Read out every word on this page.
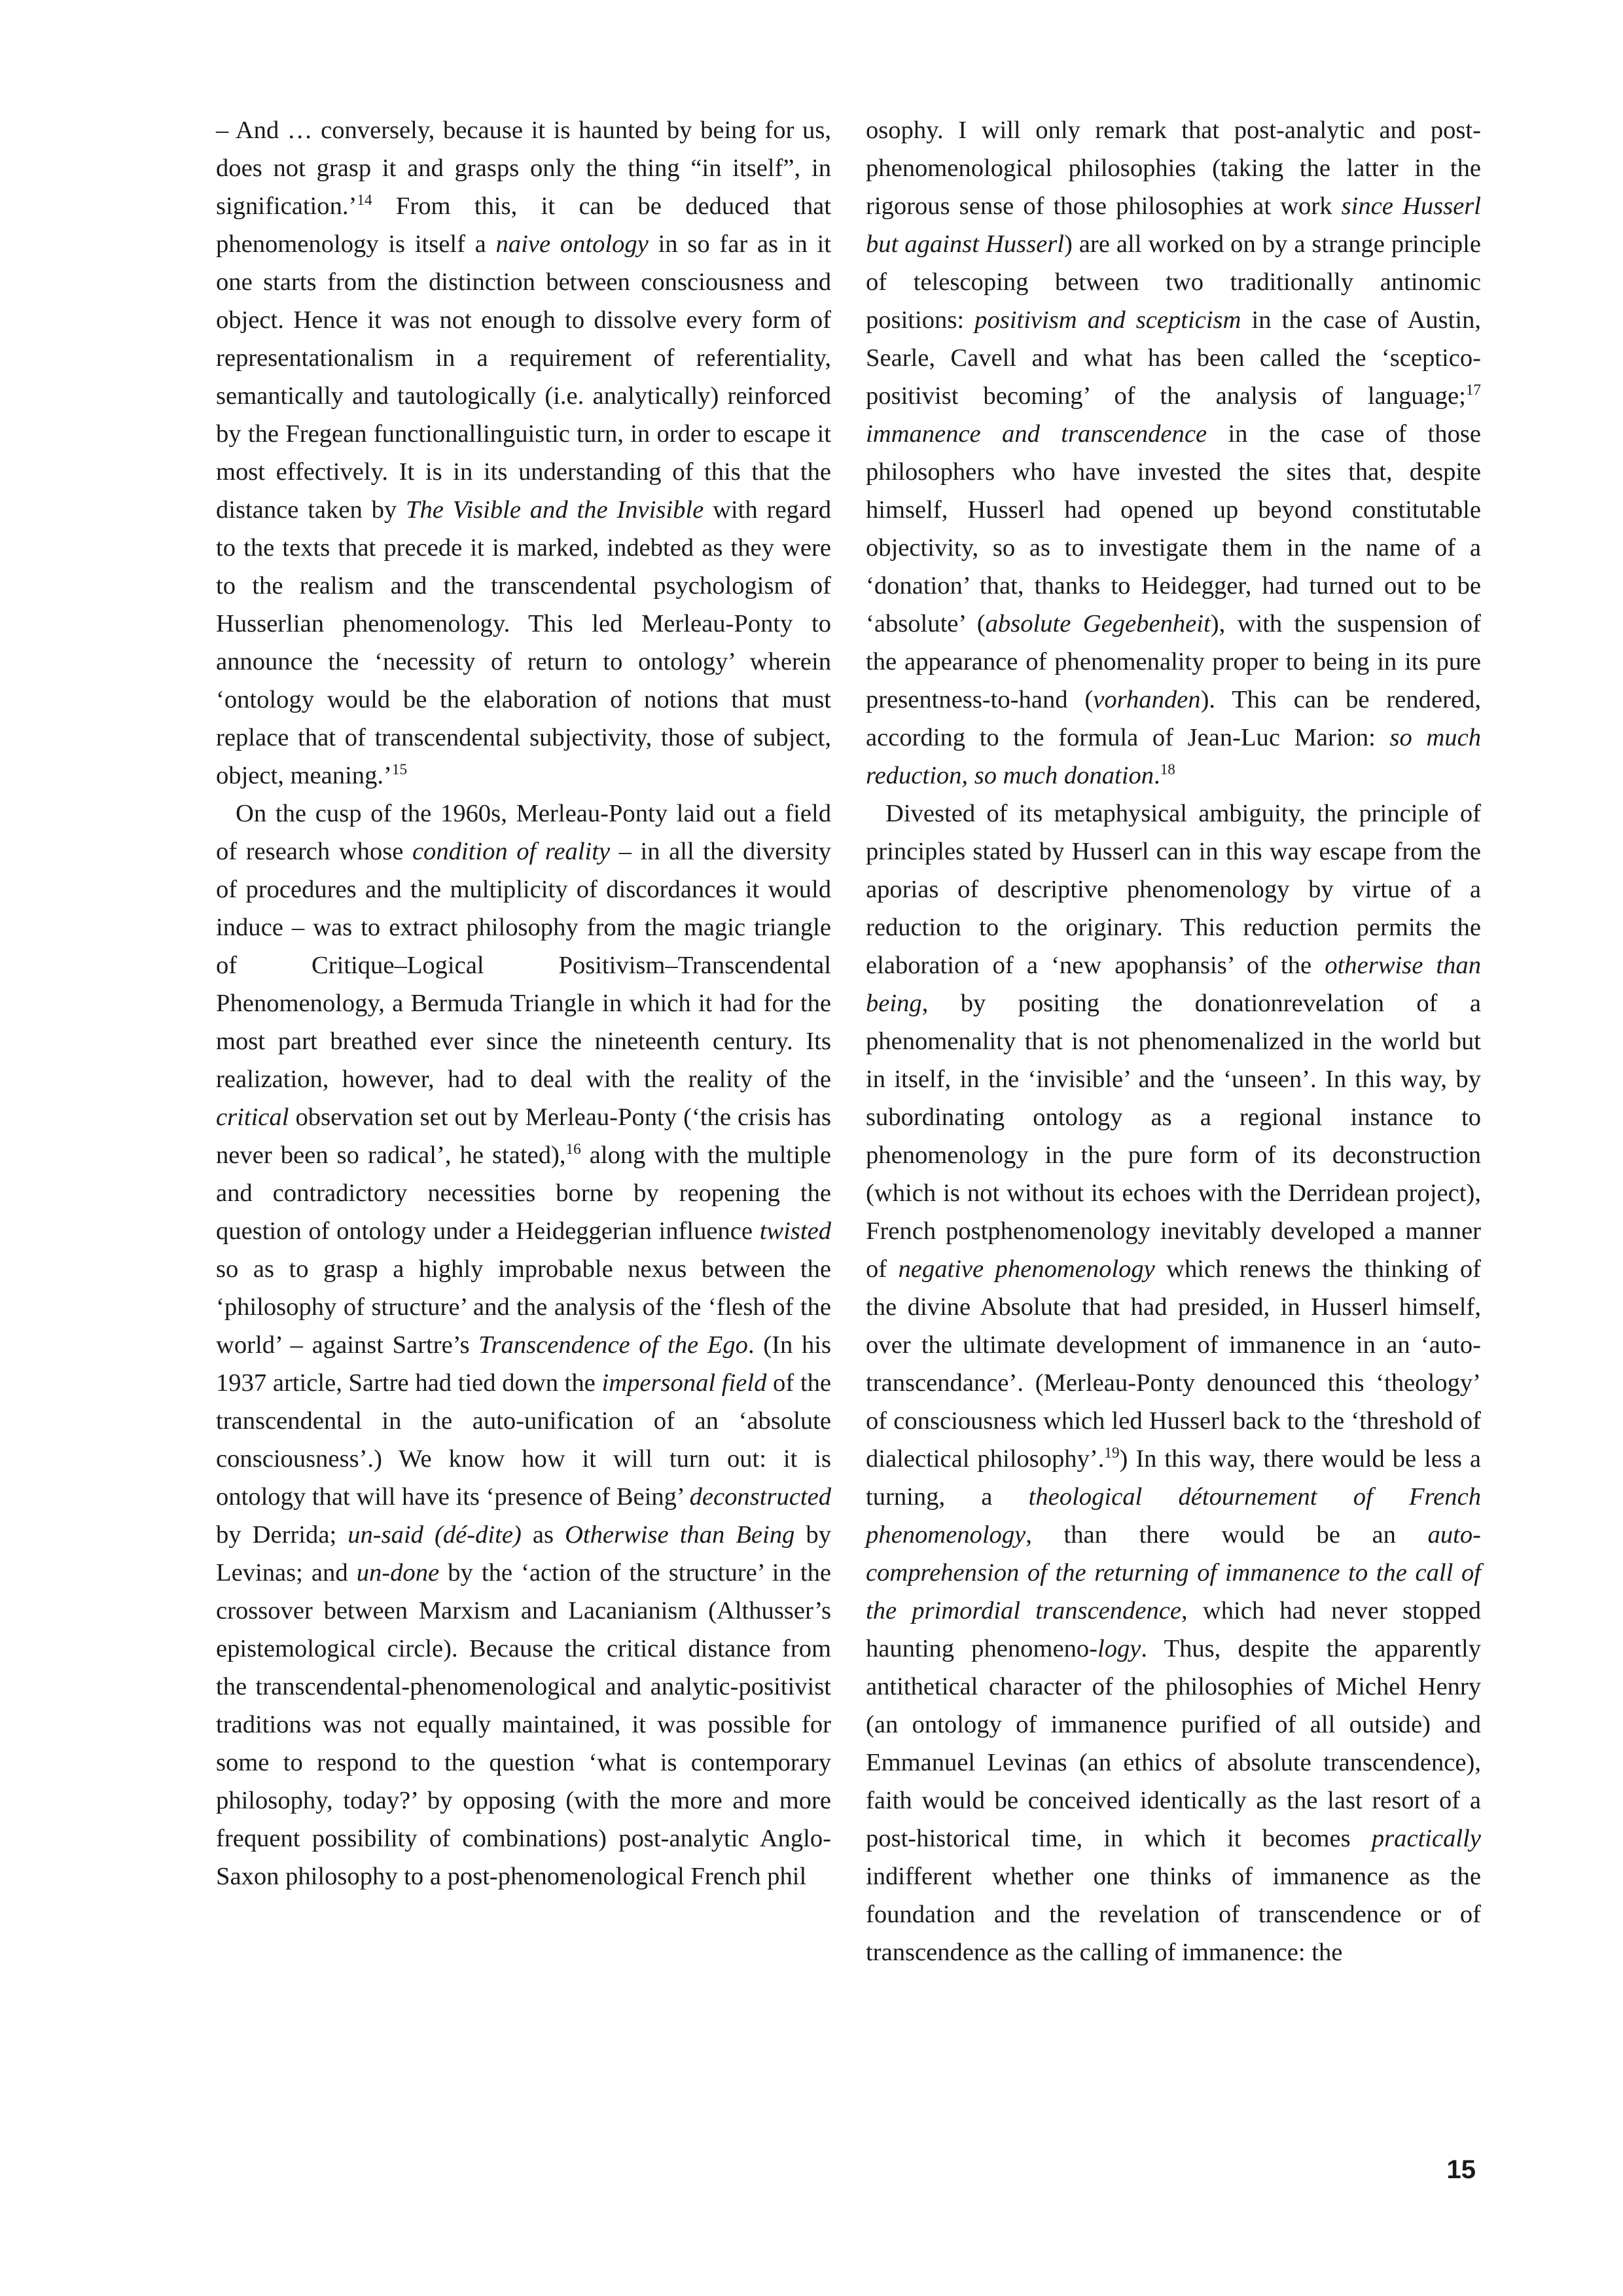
– And … conversely, because it is haunted by being for us, does not grasp it and grasps only the thing “in itself”, in signification.’$^{14}$ From this, it can be deduced that phenomenology is itself a naive ontology in so far as in it one starts from the distinction between consciousness and object. Hence it was not enough to dissolve every form of representationalism in a requirement of referentiality, semantically and tautologically (i.e. analytically) reinforced by the Fregean functionallinguistic turn, in order to escape it most effectively. It is in its understanding of this that the distance taken by The Visible and the Invisible with regard to the texts that precede it is marked, indebted as they were to the realism and the transcendental psychologism of Husserlian phenomenology. This led Merleau-Ponty to announce the ‘necessity of return to ontology’ wherein ‘ontology would be the elaboration of notions that must replace that of transcendental subjectivity, those of subject, object, meaning.’$^{15}$

On the cusp of the 1960s, Merleau-Ponty laid out a field of research whose condition of reality – in all the diversity of procedures and the multiplicity of discordances it would induce – was to extract philosophy from the magic triangle of Critique–Logical Positivism–Transcendental Phenomenology, a Bermuda Triangle in which it had for the most part breathed ever since the nineteenth century. Its realization, however, had to deal with the reality of the critical observation set out by Merleau-Ponty (‘the crisis has never been so radical’, he stated),$^{16}$ along with the multiple and contradictory necessities borne by reopening the question of ontology under a Heideggerian influence twisted so as to grasp a highly improbable nexus between the ‘philosophy of structure’ and the analysis of the ‘flesh of the world’ – against Sartre’s Transcendence of the Ego. (In his 1937 article, Sartre had tied down the impersonal field of the transcendental in the auto-unification of an ‘absolute consciousness’.) We know how it will turn out: it is ontology that will have its ‘presence of Being’ deconstructed by Derrida; un-said (dé-dite) as Otherwise than Being by Levinas; and un-done by the ‘action of the structure’ in the crossover between Marxism and Lacanianism (Althusser’s epistemological circle). Because the critical distance from the transcendental-phenomenological and analytic-positivist traditions was not equally maintained, it was possible for some to respond to the question ‘what is contemporary philosophy, today?’ by opposing (with the more and more frequent possibility of combinations) post-analytic Anglo-Saxon philosophy to a post-phenomenological French phil

osophy. I will only remark that post-analytic and post-phenomenological philosophies (taking the latter in the rigorous sense of those philosophies at work since Husserl but against Husserl) are all worked on by a strange principle of telescoping between two traditionally antinomic positions: positivism and scepticism in the case of Austin, Searle, Cavell and what has been called the ‘sceptico-positivist becoming’ of the analysis of language;$^{17}$ immanence and transcendence in the case of those philosophers who have invested the sites that, despite himself, Husserl had opened up beyond constitutable objectivity, so as to investigate them in the name of a ‘donation’ that, thanks to Heidegger, had turned out to be ‘absolute’ (absolute Gegebenheit), with the suspension of the appearance of phenomenality proper to being in its pure presentness-to-hand (vorhanden). This can be rendered, according to the formula of Jean-Luc Marion: so much reduction, so much donation.$^{18}$

Divested of its metaphysical ambiguity, the principle of principles stated by Husserl can in this way escape from the aporias of descriptive phenomenology by virtue of a reduction to the originary. This reduction permits the elaboration of a ‘new apophansis’ of the otherwise than being, by positing the donationrevelation of a phenomenality that is not phenomenalized in the world but in itself, in the ‘invisible’ and the ‘unseen’. In this way, by subordinating ontology as a regional instance to phenomenology in the pure form of its deconstruction (which is not without its echoes with the Derridean project), French postphenomenology inevitably developed a manner of negative phenomenology which renews the thinking of the divine Absolute that had presided, in Husserl himself, over the ultimate development of immanence in an ‘auto-transcendance’. (Merleau-Ponty denounced this ‘theology’ of consciousness which led Husserl back to the ‘threshold of dialectical philosophy’.$^{19}$) In this way, there would be less a turning, a theological détournement of French phenomenology, than there would be an auto-comprehension of the returning of immanence to the call of the primordial transcendence, which had never stopped haunting phenomeno-logy. Thus, despite the apparently antithetical character of the philosophies of Michel Henry (an ontology of immanence purified of all outside) and Emmanuel Levinas (an ethics of absolute transcendence), faith would be conceived identically as the last resort of a post-historical time, in which it becomes practically indifferent whether one thinks of immanence as the foundation and the revelation of transcendence or of transcendence as the calling of immanence: the

15
